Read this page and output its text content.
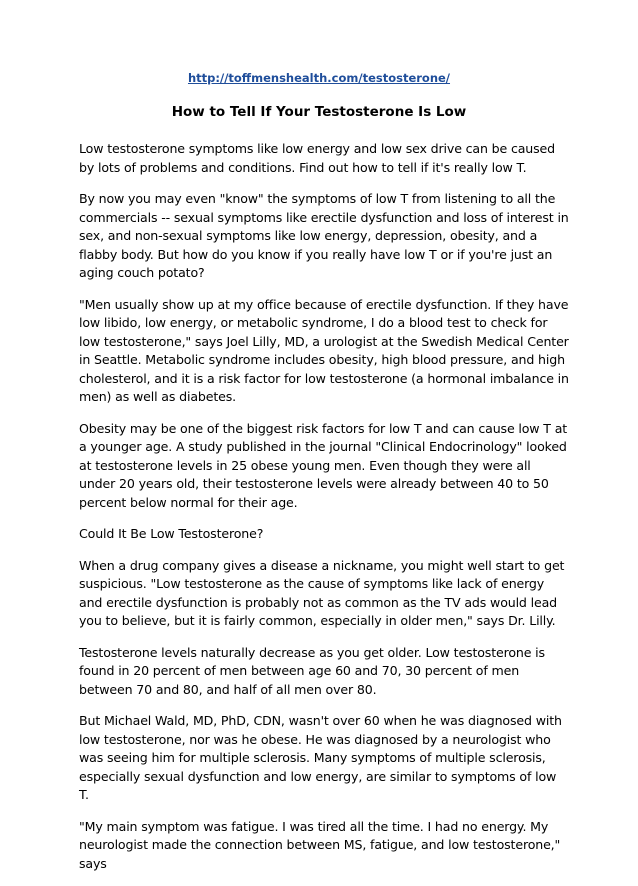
http://toffmenshealth.com/testosterone/
How to Tell If Your Testosterone Is Low

Low testosterone symptoms like low energy and low sex drive can be caused by lots of problems and conditions. Find out how to tell if it's really low T.

By now you may even "know" the symptoms of low T from listening to all the commercials -- sexual symptoms like erectile dysfunction and loss of interest in sex, and non-sexual symptoms like low energy, depression, obesity, and a flabby body. But how do you know if you really have low T or if you're just an aging couch potato?

"Men usually show up at my office because of erectile dysfunction. If they have low libido, low energy, or metabolic syndrome, I do a blood test to check for low testosterone," says Joel Lilly, MD, a urologist at the Swedish Medical Center in Seattle. Metabolic syndrome includes obesity, high blood pressure, and high cholesterol, and it is a risk factor for low testosterone (a hormonal imbalance in men) as well as diabetes.

Obesity may be one of the biggest risk factors for low T and can cause low T at a younger age. A study published in the journal "Clinical Endocrinology" looked at testosterone levels in 25 obese young men. Even though they were all under 20 years old, their testosterone levels were already between 40 to 50 percent below normal for their age.

Could It Be Low Testosterone?

When a drug company gives a disease a nickname, you might well start to get suspicious. "Low testosterone as the cause of symptoms like lack of energy and erectile dysfunction is probably not as common as the TV ads would lead you to believe, but it is fairly common, especially in older men," says Dr. Lilly.

Testosterone levels naturally decrease as you get older. Low testosterone is found in 20 percent of men between age 60 and 70, 30 percent of men between 70 and 80, and half of all men over 80.

But Michael Wald, MD, PhD, CDN, wasn't over 60 when he was diagnosed with low testosterone, nor was he obese. He was diagnosed by a neurologist who was seeing him for multiple sclerosis. Many symptoms of multiple sclerosis, especially sexual dysfunction and low energy, are similar to symptoms of low T.

"My main symptom was fatigue. I was tired all the time. I had no energy. My neurologist made the connection between MS, fatigue, and low testosterone," says
